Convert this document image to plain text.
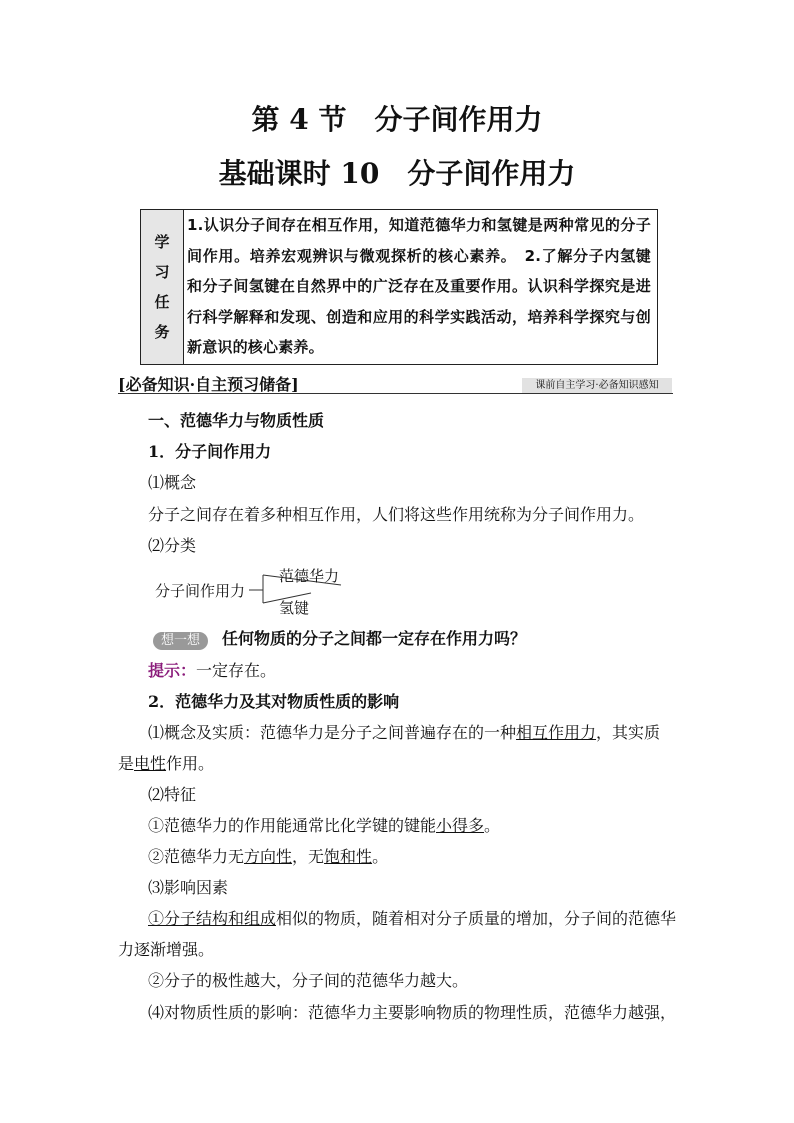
第 4 节　分子间作用力
基础课时 10　分子间作用力
学
习
任
务
1.认识分子间存在相互作用，知道范德华力和氢键是两种常见的分子间作用。培养宏观辨识与微观探析的核心素养。　2.了解分子内氢键和分子间氢键在自然界中的广泛存在及重要作用。认识科学探究是进行科学解释和发现、创造和应用的科学实践活动，培养科学探究与创新意识的核心素养。
[必备知识·自主预习储备]	课前自主学习·必备知识感知
一、范德华力与物质性质
1．分子间作用力
⑴概念
分子之间存在着多种相互作用，人们将这些作用统称为分子间作用力。
⑵分类
分子间作用力
范德华力
氢键
想一想 任何物质的分子之间都一定存在作用力吗？
提示：一定存在。
2．范德华力及其对物质性质的影响
⑴概念及实质：范德华力是分子之间普遍存在的一种相互作用力，其实质
是电性作用。
⑵特征
①范德华力的作用能通常比化学键的键能小得多。
②范德华力无方向性，无饱和性。
⑶影响因素
①分子结构和组成相似的物质，随着相对分子质量的增加，分子间的范德华
力逐渐增强。
②分子的极性越大，分子间的范德华力越大。
⑷对物质性质的影响：范德华力主要影响物质的物理性质，范德华力越强，
